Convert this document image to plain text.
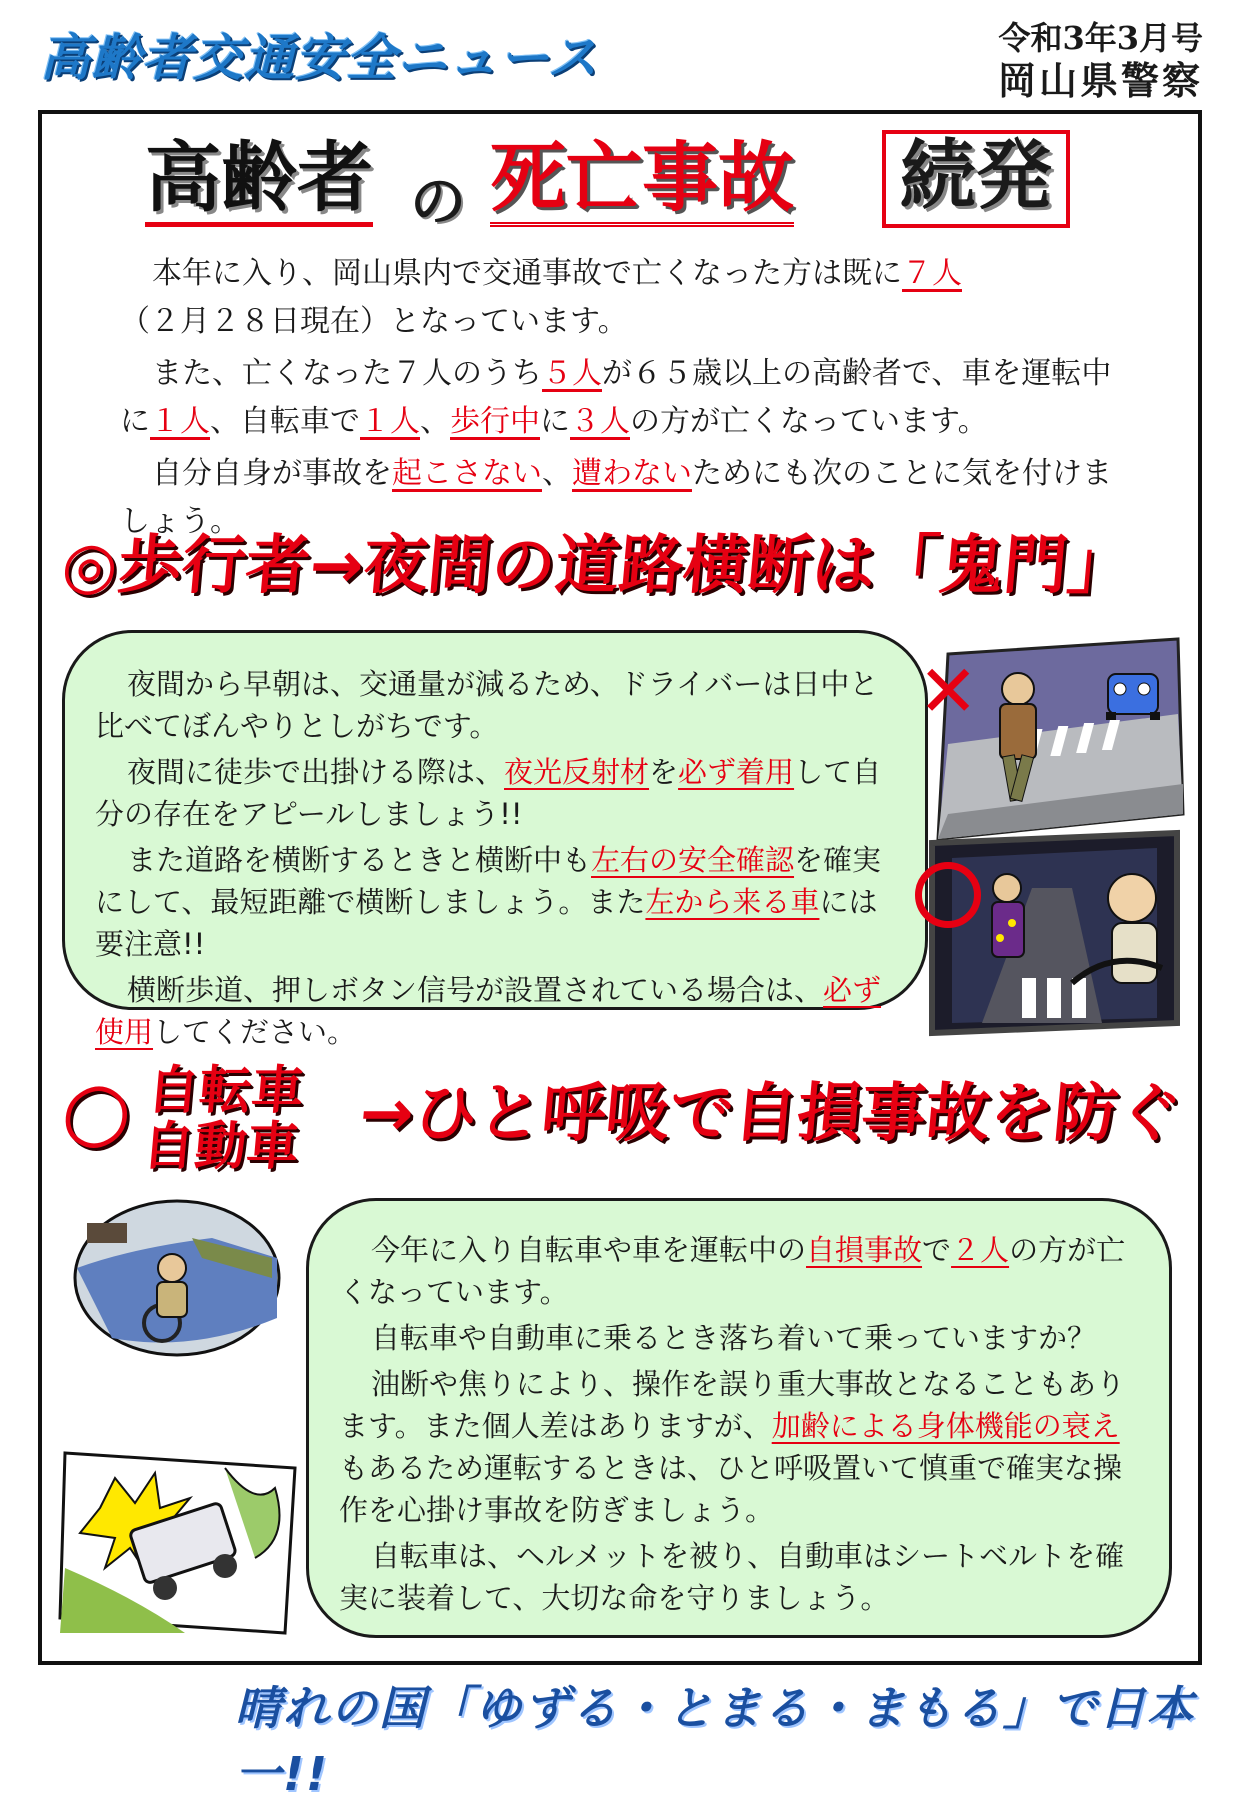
高齢者交通安全ニュース	令和3年3月号
岡山県警察
高齢者 の 死亡事故 続発

本年に入り、岡山県内で交通事故で亡くなった方は既に７人
（２月２８日現在）となっています。

また、亡くなった７人のうち５人が６５歳以上の高齢者で、車を運転中に１人、自転車で１人、歩行中に３人の方が亡くなっています。

自分自身が事故を起こさない、遭わないためにも次のことに気を付けましょう。

◎歩行者→夜間の道路横断は「鬼門」

夜間から早朝は、交通量が減るため、ドライバーは日中と比べてぼんやりとしがちです。

夜間に徒歩で出掛ける際は、夜光反射材を必ず着用して自分の存在をアピールしましょう!!

また道路を横断するときと横断中も左右の安全確認を確実にして、最短距離で横断しましょう。また左から来る車には要注意!!

横断歩道、押しボタン信号が設置されている場合は、必ず使用してください。

✕
○ 自転車
自動車 →ひと呼吸で自損事故を防ぐ

今年に入り自転車や車を運転中の自損事故で２人の方が亡くなっています。

自転車や自動車に乗るとき落ち着いて乗っていますか？

油断や焦りにより、操作を誤り重大事故となることもあります。また個人差はありますが、加齢による身体機能の衰えもあるため運転するときは、ひと呼吸置いて慎重で確実な操作を心掛け事故を防ぎましょう。

自転車は、ヘルメットを被り、自動車はシートベルトを確実に装着して、大切な命を守りましょう。

晴れの国「ゆずる・とまる・まもる」で日本一!!
